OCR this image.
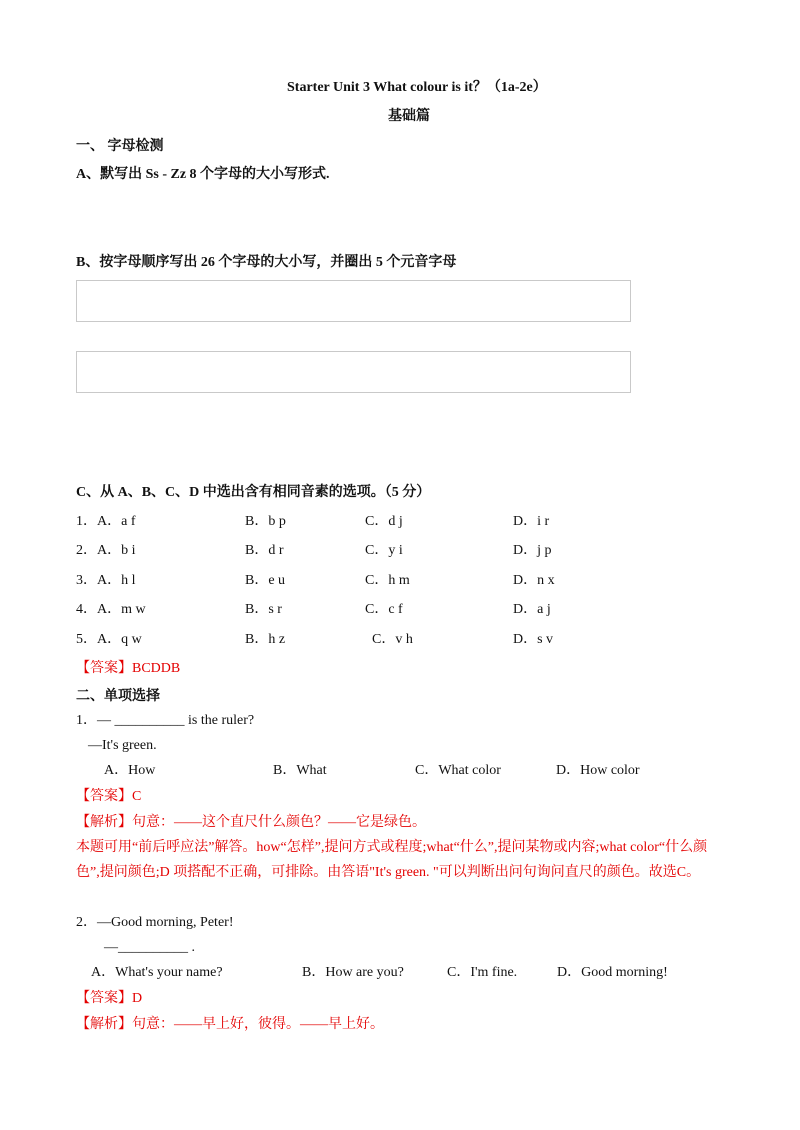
Starter Unit 3 What colour is it？（1a-2e）
基础篇
一、 字母检测
A、默写出 Ss - Zz 8 个字母的大小写形式.
B、按字母顺序写出 26 个字母的大小写，并圈出 5 个元音字母
C、从 A、B、C、D 中选出含有相同音素的选项。（5 分）
1． A．a f	B．b p	C．d j	D．i r
2． A．b i	B．d r	C．y i	D．j p
3． A．h l	B．e u	C．h m	D．n x
4． A．m w	B．s r	C．c f	D．a j
5． A．q w	B．h z	C．v h	D．s v
【答案】BCDDB
二、单项选择
1．— __________ is the ruler?
—It's green.
A．How	B．What	C．What color	D．How color
【答案】C
【解析】句意：——这个直尺什么颜色？——它是绿色。
本题可用“前后呼应法”解答。how“怎样”,提问方式或程度;what“什么”,提问某物或内容;what color“什么颜色”,提问颜色;D 项搭配不正确，可排除。由答语"It's green. "可以判断出问句询问直尺的颜色。故选C。
2．—Good morning, Peter!
—__________ .
A．What's your name?	B．How are you?	C．I'm fine.	D．Good morning!
【答案】D
【解析】句意：——早上好，彼得。——早上好。
